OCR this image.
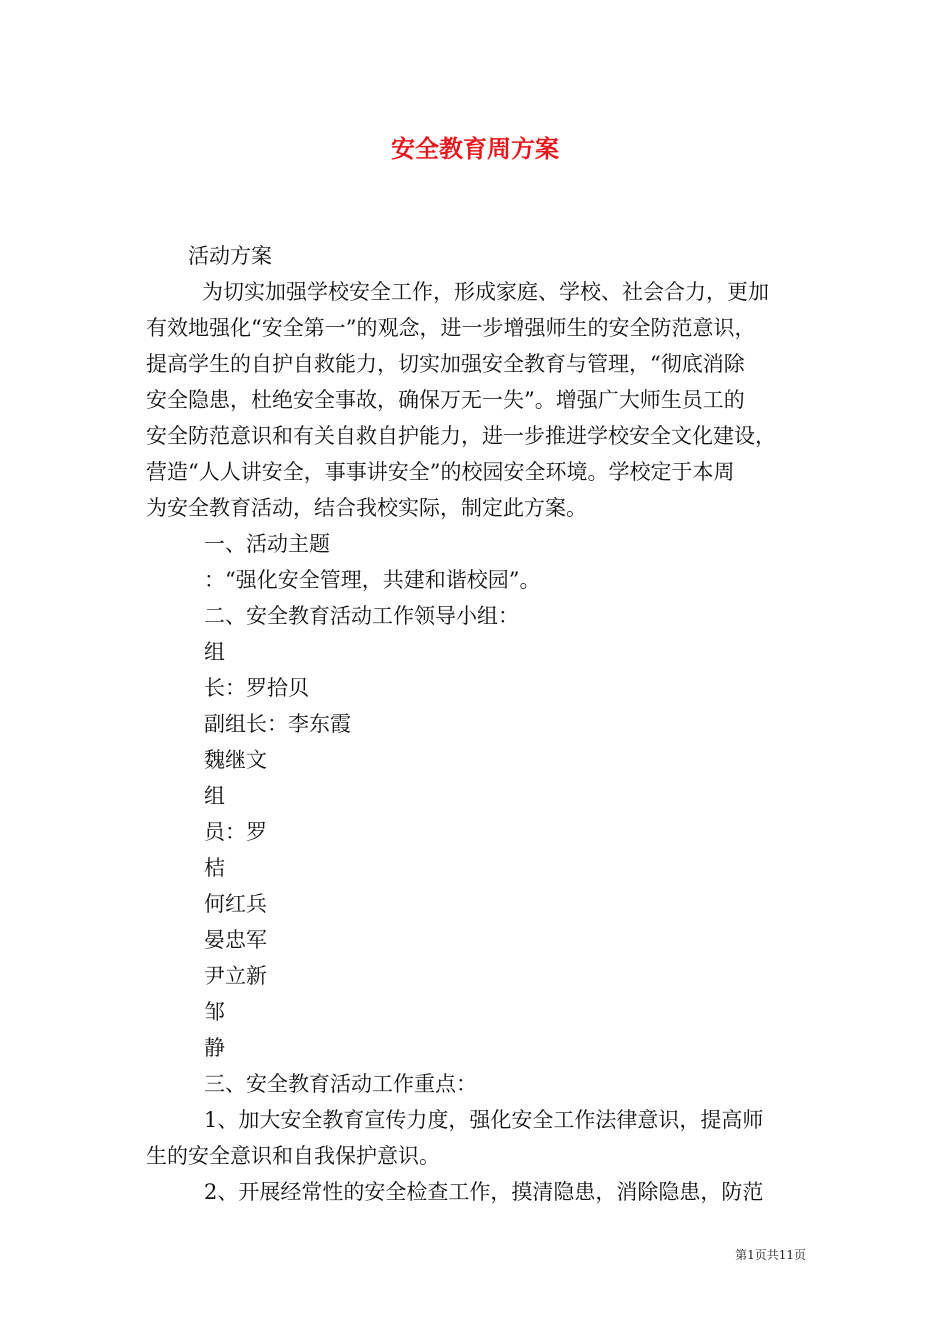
安全教育周方案
活动方案
为切实加强学校安全工作，形成家庭、学校、社会合力，更加
有效地强化“安全第一”的观念，进一步增强师生的安全防范意识，
提高学生的自护自救能力，切实加强安全教育与管理，“彻底消除
安全隐患，杜绝安全事故，确保万无一失”。增强广大师生员工的
安全防范意识和有关自救自护能力，进一步推进学校安全文化建设，
营造“人人讲安全，事事讲安全”的校园安全环境。学校定于本周
为安全教育活动，结合我校实际，制定此方案。
一、活动主题
：“强化安全管理，共建和谐校园”。
二、安全教育活动工作领导小组：
组
长：罗拾贝
副组长：李东霞
魏继文
组
员：罗
桔
何红兵
晏忠军
尹立新
邹
静
三、安全教育活动工作重点：
1、加大安全教育宣传力度，强化安全工作法律意识，提高师
生的安全意识和自我保护意识。
2、开展经常性的安全检查工作，摸清隐患，消除隐患，防范
第1页共11页
